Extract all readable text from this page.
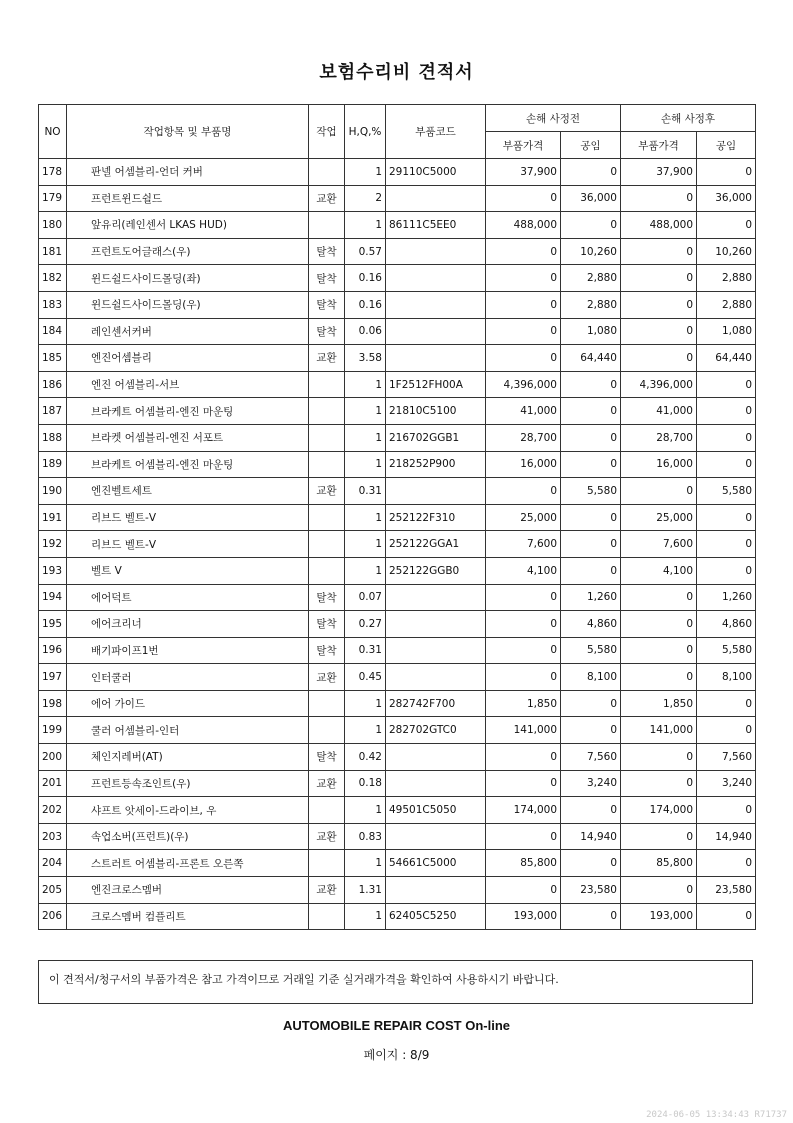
보험수리비 견적서
NO	작업항목 및 부품명	작업	H,Q,%	부품코드	손해 사정전		손해 사정후	
					부품가격	공임	부품가격	공임
178	판넬 어셈블리-언더 커버		1	29110C5000	37,900	0	37,900	0
179	프런트윈드쉴드	교환	2		0	36,000	0	36,000
180	앞유리(레인센서 LKAS HUD)		1	86111C5EE0	488,000	0	488,000	0
181	프런트도어글래스(우)	탈착	0.57		0	10,260	0	10,260
182	윈드쉴드사이드몰딩(좌)	탈착	0.16		0	2,880	0	2,880
183	윈드쉴드사이드몰딩(우)	탈착	0.16		0	2,880	0	2,880
184	레인센서커버	탈착	0.06		0	1,080	0	1,080
185	엔진어셈블리	교환	3.58		0	64,440	0	64,440
186	엔진 어셈블리-서브		1	1F2512FH00A	4,396,000	0	4,396,000	0
187	브라케트 어셈블리-엔진 마운팅		1	21810C5100	41,000	0	41,000	0
188	브라켓 어셈블리-엔진 서포트		1	216702GGB1	28,700	0	28,700	0
189	브라케트 어셈블리-엔진 마운팅		1	218252P900	16,000	0	16,000	0
190	엔진벨트세트	교환	0.31		0	5,580	0	5,580
191	리브드 벨트-V		1	252122F310	25,000	0	25,000	0
192	리브드 벨트-V		1	252122GGA1	7,600	0	7,600	0
193	벨트 V		1	252122GGB0	4,100	0	4,100	0
194	에어덕트	탈착	0.07		0	1,260	0	1,260
195	에어크리너	탈착	0.27		0	4,860	0	4,860
196	배기파이프1번	탈착	0.31		0	5,580	0	5,580
197	인터쿨러	교환	0.45		0	8,100	0	8,100
198	에어 가이드		1	282742F700	1,850	0	1,850	0
199	쿨러 어셈블리-인터		1	282702GTC0	141,000	0	141,000	0
200	체인지레버(AT)	탈착	0.42		0	7,560	0	7,560
201	프런트등속조인트(우)	교환	0.18		0	3,240	0	3,240
202	샤프트 앗세이-드라이브, 우		1	49501C5050	174,000	0	174,000	0
203	속업소버(프런트)(우)	교환	0.83		0	14,940	0	14,940
204	스트러트 어셈블리-프론트 오른쪽		1	54661C5000	85,800	0	85,800	0
205	엔진크로스멤버	교환	1.31		0	23,580	0	23,580
206	크로스멤버 컴플리트		1	62405C5250	193,000	0	193,000	0
이 견적서/청구서의 부품가격은 참고 가격이므로 거래일 기준 실거래가격을 확인하여 사용하시기 바랍니다.
AUTOMOBILE REPAIR COST On-line
페이지 : 8/9
2024-06-05 13:34:43 R71737
